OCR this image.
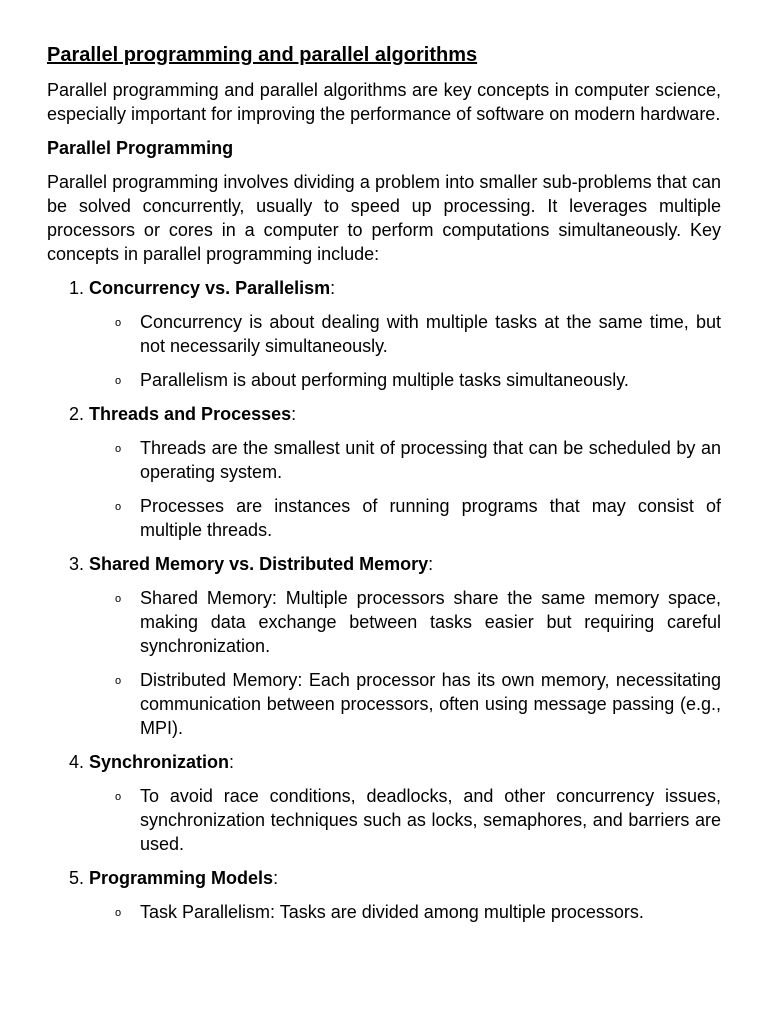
Parallel programming and parallel algorithms

Parallel programming and parallel algorithms are key concepts in computer science, especially important for improving the performance of software on modern hardware.

Parallel Programming

Parallel programming involves dividing a problem into smaller sub-problems that can be solved concurrently, usually to speed up processing. It leverages multiple processors or cores in a computer to perform computations simultaneously. Key concepts in parallel programming include:

1. Concurrency vs. Parallelism:
o Concurrency is about dealing with multiple tasks at the same time, but not necessarily simultaneously.
o Parallelism is about performing multiple tasks simultaneously.
2. Threads and Processes:
o Threads are the smallest unit of processing that can be scheduled by an operating system.
o Processes are instances of running programs that may consist of multiple threads.
3. Shared Memory vs. Distributed Memory:
o Shared Memory: Multiple processors share the same memory space, making data exchange between tasks easier but requiring careful synchronization.
o Distributed Memory: Each processor has its own memory, necessitating communication between processors, often using message passing (e.g., MPI).
4. Synchronization:
o To avoid race conditions, deadlocks, and other concurrency issues, synchronization techniques such as locks, semaphores, and barriers are used.
5. Programming Models:
o Task Parallelism: Tasks are divided among multiple processors.
